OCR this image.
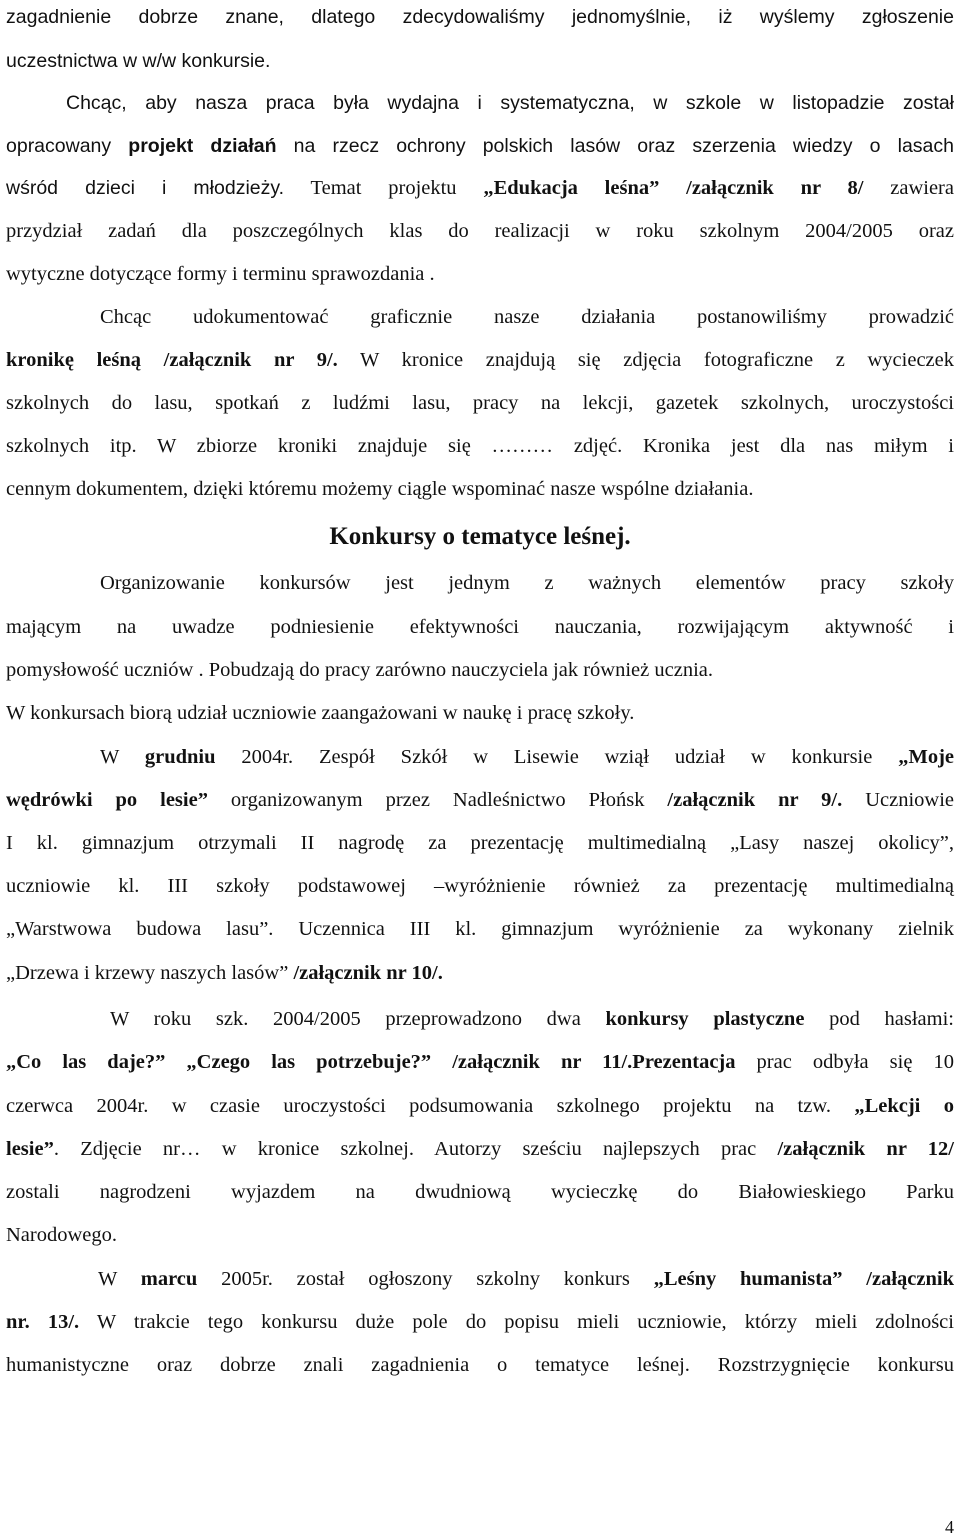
zagadnienie dobrze znane, dlatego zdecydowaliśmy jednomyślnie, iż wyślemy zgłoszenie
uczestnictwa w w/w konkursie.
Chcąc, aby nasza praca była wydajna i systematyczna, w szkole w listopadzie został
opracowany projekt działań na rzecz ochrony polskich lasów oraz szerzenia wiedzy o lasach
wśród dzieci i młodzieży. Temat projektu „Edukacja leśna” /załącznik nr 8/ zawiera
przydział zadań dla poszczególnych klas do realizacji w roku szkolnym 2004/2005 oraz
wytyczne dotyczące formy i terminu sprawozdania .
Chcąc udokumentować graficznie nasze działania postanowiliśmy prowadzić
kronikę leśną /załącznik nr 9/. W kronice znajdują się zdjęcia fotograficzne z wycieczek
szkolnych do lasu, spotkań z ludźmi lasu, pracy na lekcji, gazetek szkolnych, uroczystości
szkolnych itp. W zbiorze kroniki znajduje się ……… zdjęć. Kronika jest dla nas miłym i
cennym dokumentem, dzięki któremu możemy ciągle wspominać nasze wspólne działania.
Konkursy o tematyce leśnej.
Organizowanie konkursów jest jednym z ważnych elementów pracy szkoły
mającym na uwadze podniesienie efektywności nauczania, rozwijającym aktywność i
pomysłowość uczniów . Pobudzają do pracy zarówno nauczyciela jak również ucznia.
W konkursach biorą udział uczniowie zaangażowani w naukę i pracę szkoły.
W grudniu 2004r. Zespół Szkół w Lisewie wziął udział w konkursie „Moje
wędrówki po lesie” organizowanym przez Nadleśnictwo Płońsk /załącznik nr 9/. Uczniowie
I kl. gimnazjum otrzymali II nagrodę za prezentację multimedialną „Lasy naszej okolicy”,
uczniowie kl. III szkoły podstawowej –wyróżnienie również za prezentację multimedialną
„Warstwowa budowa lasu”. Uczennica III kl. gimnazjum wyróżnienie za wykonany zielnik
„Drzewa i krzewy naszych lasów” /załącznik nr 10/.
W roku szk. 2004/2005 przeprowadzono dwa konkursy plastyczne pod hasłami:
„Co las daje?” „Czego las potrzebuje?” /załącznik nr 11/.Prezentacja prac odbyła się 10
czerwca 2004r. w czasie uroczystości podsumowania szkolnego projektu na tzw. „Lekcji o
lesie”. Zdjęcie nr… w kronice szkolnej. Autorzy sześciu najlepszych prac /załącznik nr 12/
zostali nagrodzeni wyjazdem na dwudniową wycieczkę do Białowieskiego Parku
Narodowego.
W marcu 2005r. został ogłoszony szkolny konkurs „Leśny humanista” /załącznik
nr. 13/. W trakcie tego konkursu duże pole do popisu mieli uczniowie, którzy mieli zdolności
humanistyczne oraz dobrze znali zagadnienia o tematyce leśnej. Rozstrzygnięcie konkursu
4
